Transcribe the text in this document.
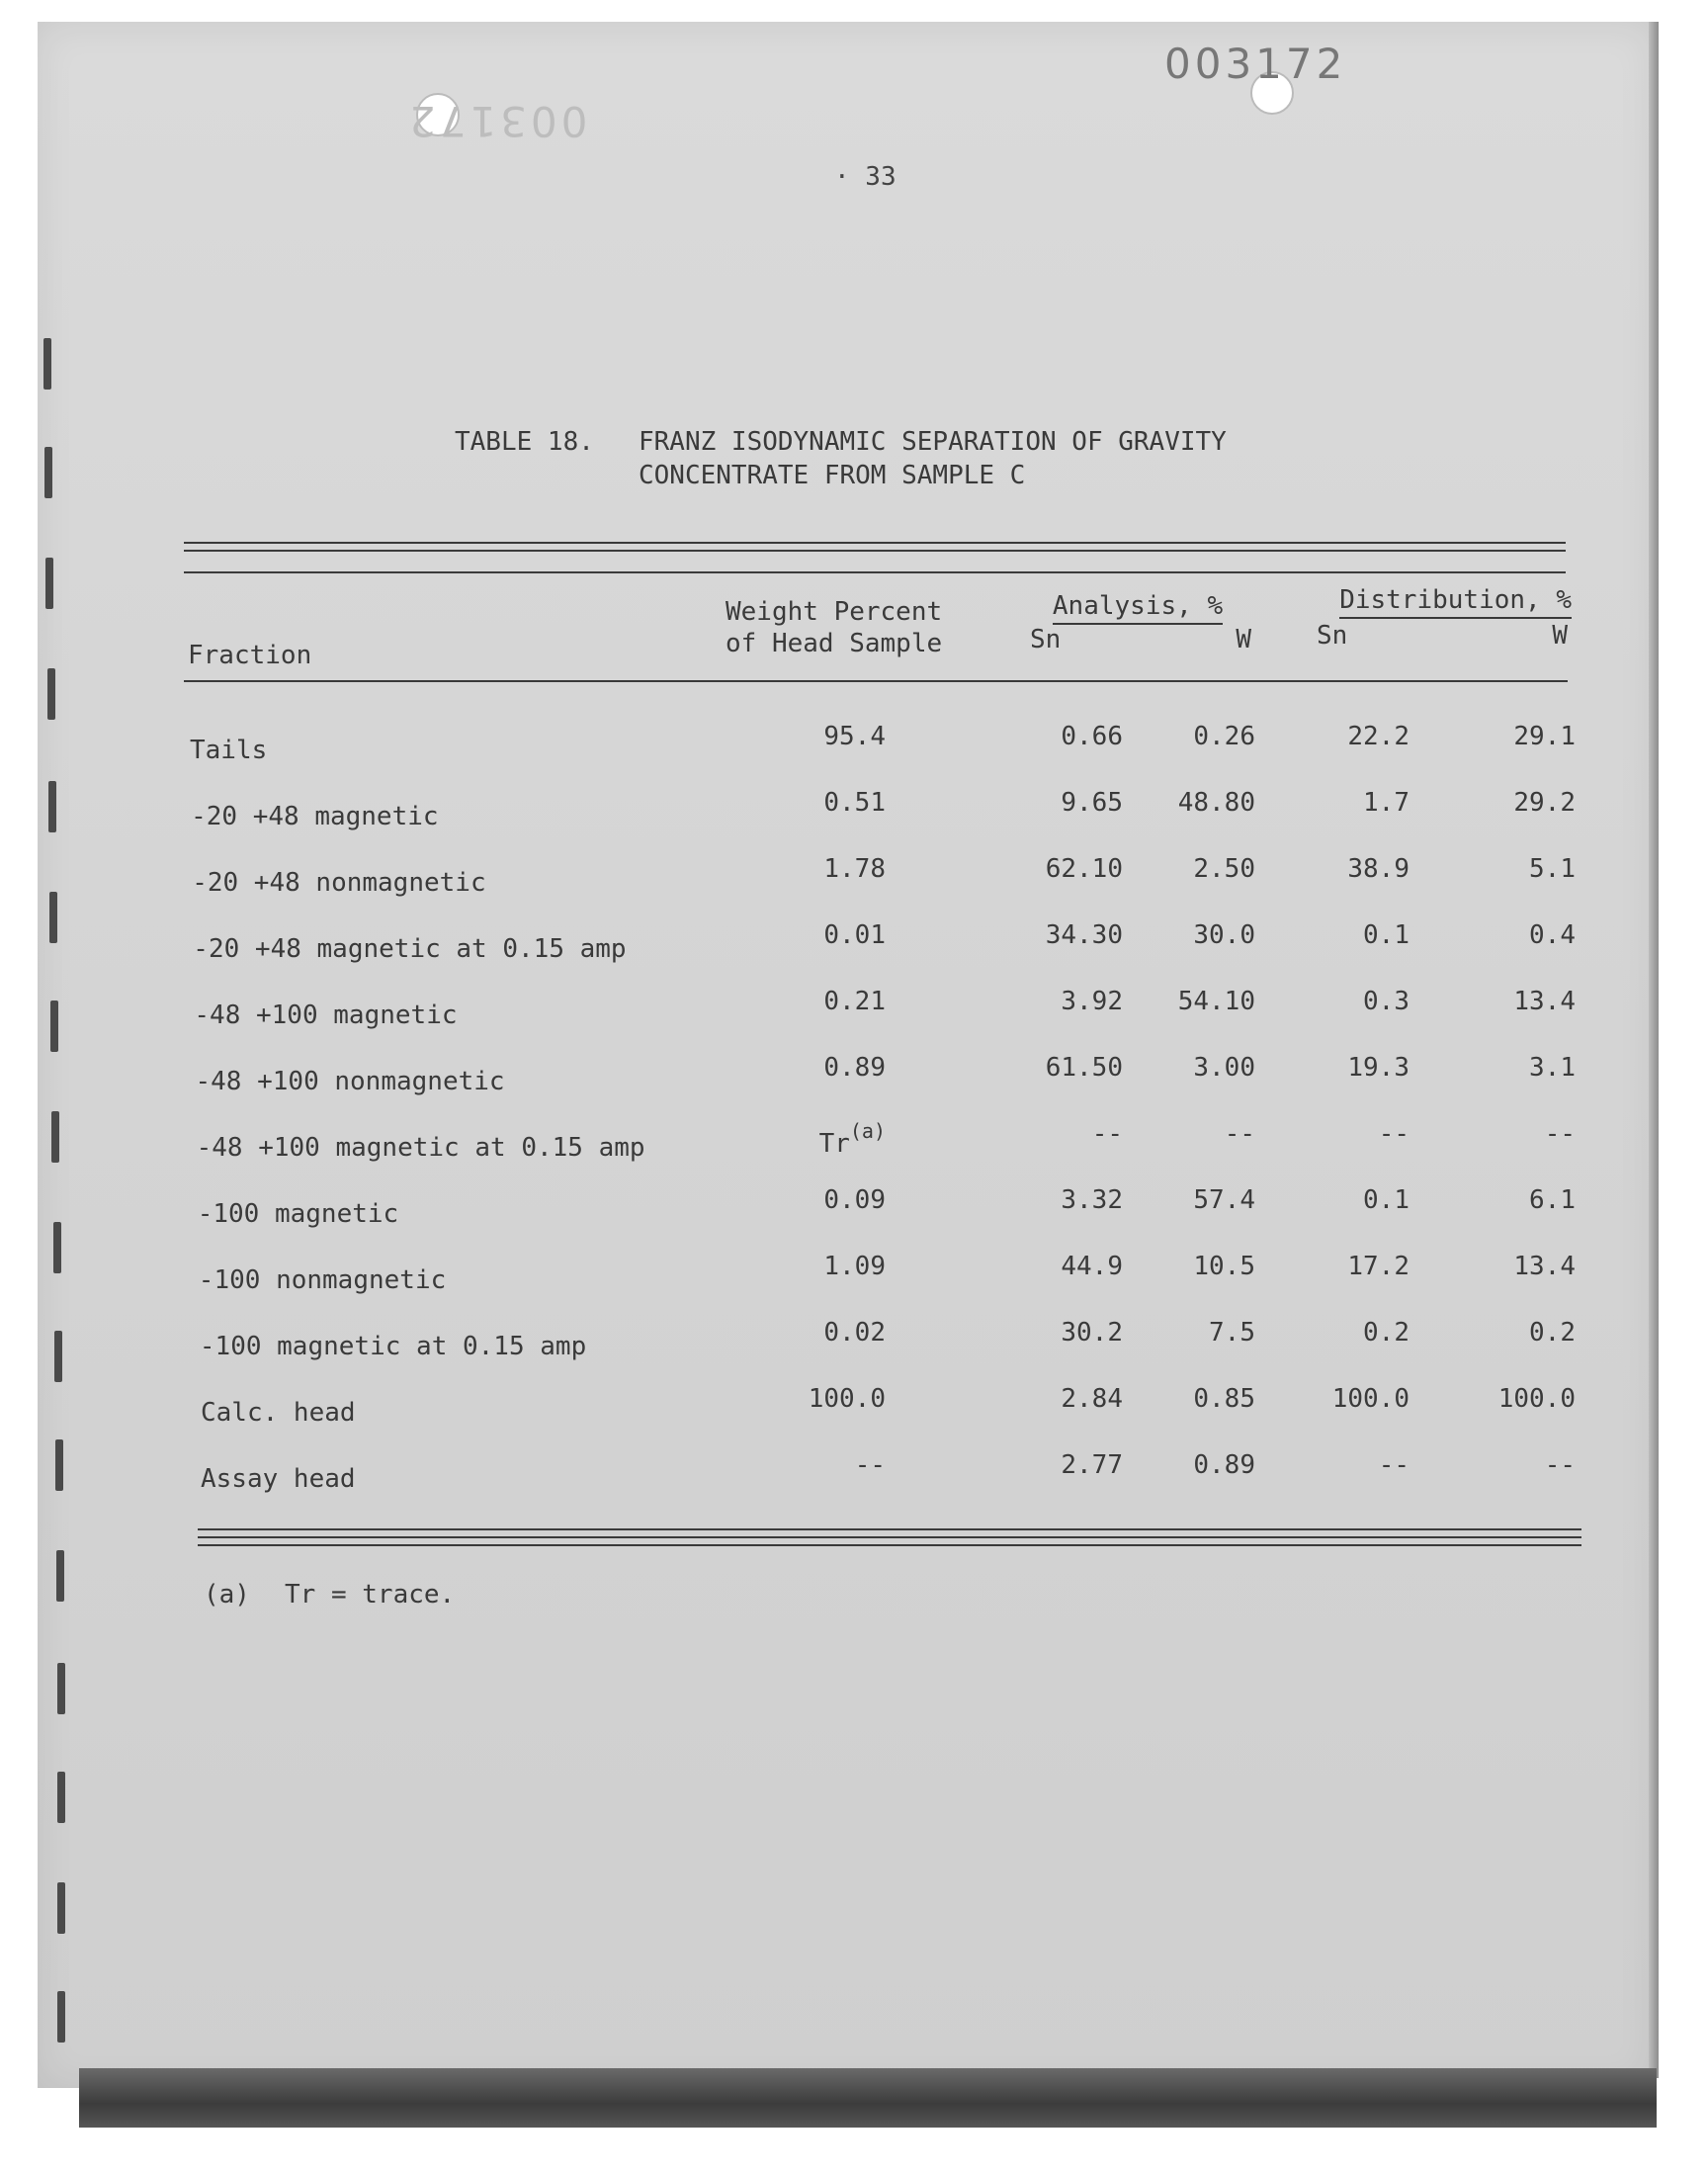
003172
003172
· 33
TABLE 18. FRANZ ISODYNAMIC SEPARATION OF GRAVITY
CONCENTRATE FROM SAMPLE C
Fraction
Weight Percent
of Head Sample
Analysis, %
Sn	W
Distribution, %
Sn	W
Tails	95.4	0.66	0.26	22.2	29.1
-20 +48 magnetic	0.51	9.65	48.80	1.7	29.2
-20 +48 nonmagnetic	1.78	62.10	2.50	38.9	5.1
-20 +48 magnetic at 0.15 amp	0.01	34.30	30.0	0.1	0.4
-48 +100 magnetic	0.21	3.92	54.10	0.3	13.4
-48 +100 nonmagnetic	0.89	61.50	3.00	19.3	3.1
-48 +100 magnetic at 0.15 amp	Tr$^{(a)}$	--	--	--	--
-100 magnetic	0.09	3.32	57.4	0.1	6.1
-100 nonmagnetic	1.09	44.9	10.5	17.2	13.4
-100 magnetic at 0.15 amp	0.02	30.2	7.5	0.2	0.2
Calc. head	100.0	2.84	0.85	100.0	100.0
Assay head	--	2.77	0.89	--	--
(a) Tr = trace.
